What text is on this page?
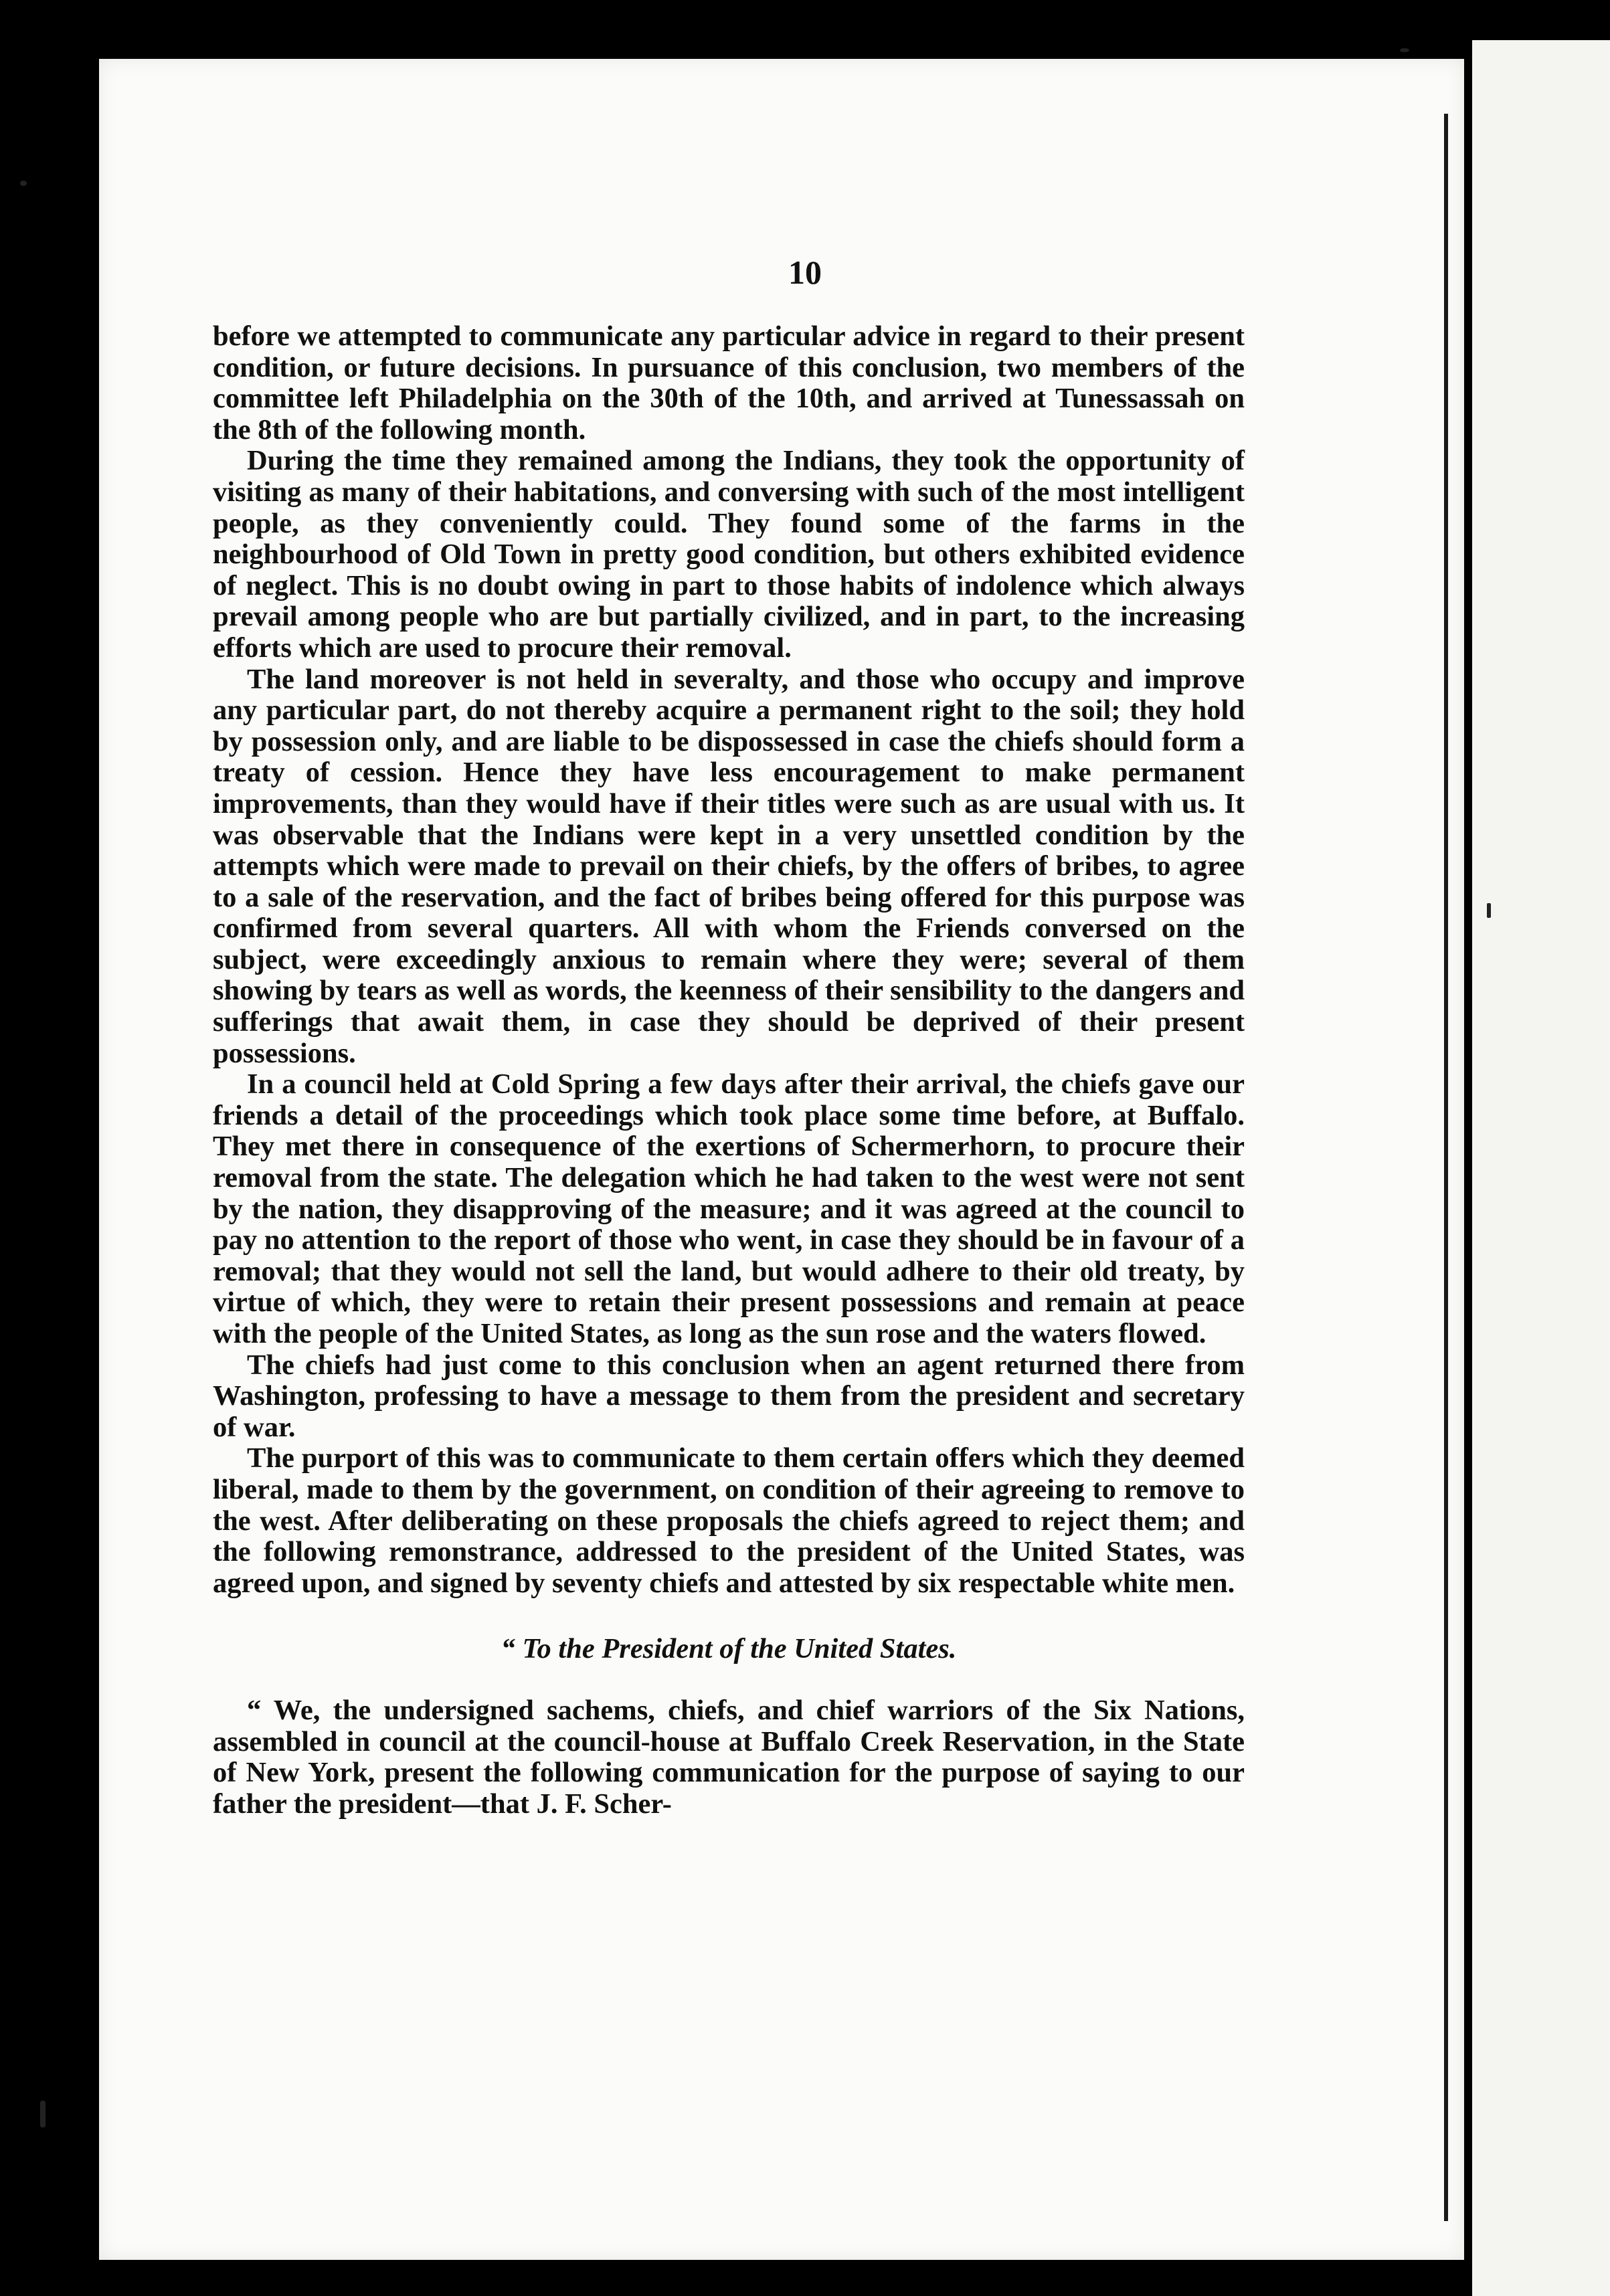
10

before we attempted to communicate any particular advice in regard to their present condition, or future decisions. In pursuance of this conclusion, two members of the committee left Philadelphia on the 30th of the 10th, and arrived at Tunessassah on the 8th of the following month.

During the time they remained among the Indians, they took the opportunity of visiting as many of their habitations, and conversing with such of the most intelligent people, as they conveniently could. They found some of the farms in the neighbourhood of Old Town in pretty good condition, but others exhibited evidence of neglect. This is no doubt owing in part to those habits of indolence which always prevail among people who are but partially civilized, and in part, to the increasing efforts which are used to procure their removal.

The land moreover is not held in severalty, and those who occupy and improve any particular part, do not thereby acquire a permanent right to the soil; they hold by possession only, and are liable to be dispossessed in case the chiefs should form a treaty of cession. Hence they have less encouragement to make permanent improvements, than they would have if their titles were such as are usual with us. It was observable that the Indians were kept in a very unsettled condition by the attempts which were made to prevail on their chiefs, by the offers of bribes, to agree to a sale of the reservation, and the fact of bribes being offered for this purpose was confirmed from several quarters. All with whom the Friends conversed on the subject, were exceedingly anxious to remain where they were; several of them showing by tears as well as words, the keenness of their sensibility to the dangers and sufferings that await them, in case they should be deprived of their present possessions.

In a council held at Cold Spring a few days after their arrival, the chiefs gave our friends a detail of the proceedings which took place some time before, at Buffalo. They met there in consequence of the exertions of Schermerhorn, to procure their removal from the state. The delegation which he had taken to the west were not sent by the nation, they disapproving of the measure; and it was agreed at the council to pay no attention to the report of those who went, in case they should be in favour of a removal; that they would not sell the land, but would adhere to their old treaty, by virtue of which, they were to retain their present possessions and remain at peace with the people of the United States, as long as the sun rose and the waters flowed.

The chiefs had just come to this conclusion when an agent returned there from Washington, professing to have a message to them from the president and secretary of war.

The purport of this was to communicate to them certain offers which they deemed liberal, made to them by the government, on condition of their agreeing to remove to the west. After deliberating on these proposals the chiefs agreed to reject them; and the following remonstrance, addressed to the president of the United States, was agreed upon, and signed by seventy chiefs and attested by six respectable white men.

“ To the President of the United States.

“ We, the undersigned sachems, chiefs, and chief warriors of the Six Nations, assembled in council at the council-house at Buffalo Creek Reservation, in the State of New York, present the following communication for the purpose of saying to our father the president—that J. F. Scher-
